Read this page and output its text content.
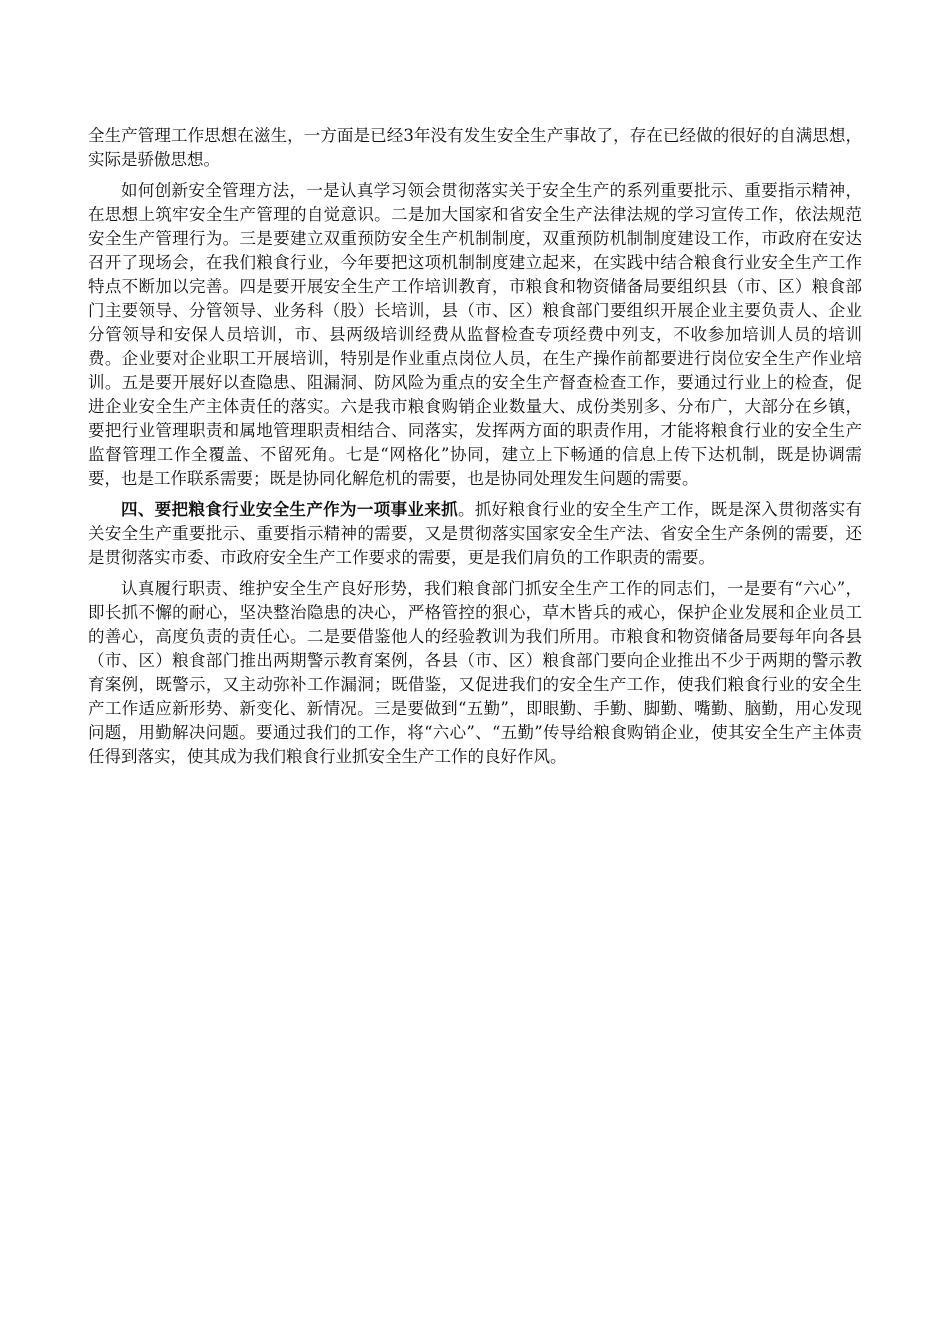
全生产管理工作思想在滋生，一方面是已经3年没有发生安全生产事故了，存在已经做的很好的自满思想，实际是骄傲思想。

如何创新安全管理方法，一是认真学习领会贯彻落实关于安全生产的系列重要批示、重要指示精神，在思想上筑牢安全生产管理的自觉意识。二是加大国家和省安全生产法律法规的学习宣传工作，依法规范安全生产管理行为。三是要建立双重预防安全生产机制制度，双重预防机制制度建设工作，市政府在安达召开了现场会，在我们粮食行业，今年要把这项机制制度建立起来，在实践中结合粮食行业安全生产工作特点不断加以完善。四是要开展安全生产工作培训教育，市粮食和物资储备局要组织县（市、区）粮食部门主要领导、分管领导、业务科（股）长培训，县（市、区）粮食部门要组织开展企业主要负责人、企业分管领导和安保人员培训，市、县两级培训经费从监督检查专项经费中列支，不收参加培训人员的培训费。企业要对企业职工开展培训，特别是作业重点岗位人员，在生产操作前都要进行岗位安全生产作业培训。五是要开展好以查隐患、阻漏洞、防风险为重点的安全生产督查检查工作，要通过行业上的检查，促进企业安全生产主体责任的落实。六是我市粮食购销企业数量大、成份类别多、分布广，大部分在乡镇，要把行业管理职责和属地管理职责相结合、同落实，发挥两方面的职责作用，才能将粮食行业的安全生产监督管理工作全覆盖、不留死角。七是“网格化”协同，建立上下畅通的信息上传下达机制，既是协调需要，也是工作联系需要；既是协同化解危机的需要，也是协同处理发生问题的需要。

四、要把粮食行业安全生产作为一项事业来抓。抓好粮食行业的安全生产工作，既是深入贯彻落实有关安全生产重要批示、重要指示精神的需要，又是贯彻落实国家安全生产法、省安全生产条例的需要，还是贯彻落实市委、市政府安全生产工作要求的需要，更是我们肩负的工作职责的需要。

认真履行职责、维护安全生产良好形势，我们粮食部门抓安全生产工作的同志们，一是要有“六心”，即长抓不懈的耐心，坚决整治隐患的决心，严格管控的狠心，草木皆兵的戒心，保护企业发展和企业员工的善心，高度负责的责任心。二是要借鉴他人的经验教训为我们所用。市粮食和物资储备局要每年向各县（市、区）粮食部门推出两期警示教育案例，各县（市、区）粮食部门要向企业推出不少于两期的警示教育案例，既警示，又主动弥补工作漏洞；既借鉴，又促进我们的安全生产工作，使我们粮食行业的安全生产工作适应新形势、新变化、新情况。三是要做到“五勤”，即眼勤、手勤、脚勤、嘴勤、脑勤，用心发现问题，用勤解决问题。要通过我们的工作，将“六心”、“五勤”传导给粮食购销企业，使其安全生产主体责任得到落实，使其成为我们粮食行业抓安全生产工作的良好作风。
